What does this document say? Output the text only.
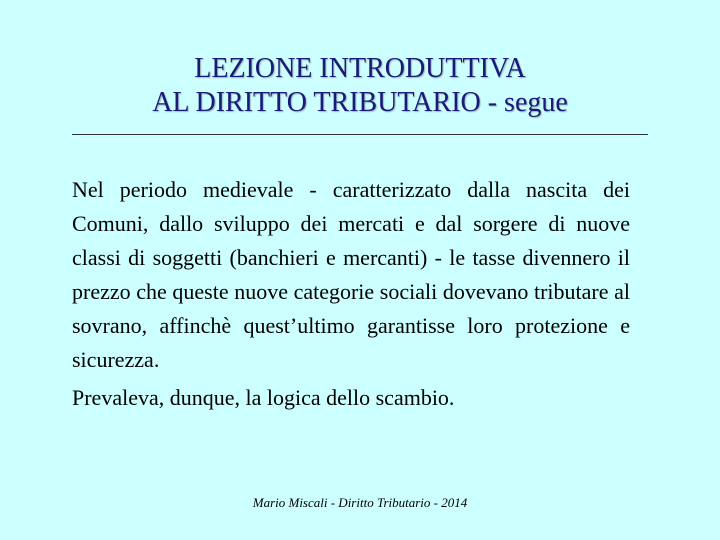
LEZIONE INTRODUTTIVA
AL DIRITTO TRIBUTARIO - segue

Nel periodo medievale - caratterizzato dalla nascita dei Comuni, dallo sviluppo dei mercati e dal sorgere di nuove classi di soggetti (banchieri e mercanti) - le tasse divennero il prezzo che queste nuove categorie sociali dovevano tributare al sovrano, affinchè quest’ultimo garantisse loro protezione e sicurezza.

Prevaleva, dunque, la logica dello scambio.

Mario Miscali - Diritto Tributario - 2014
